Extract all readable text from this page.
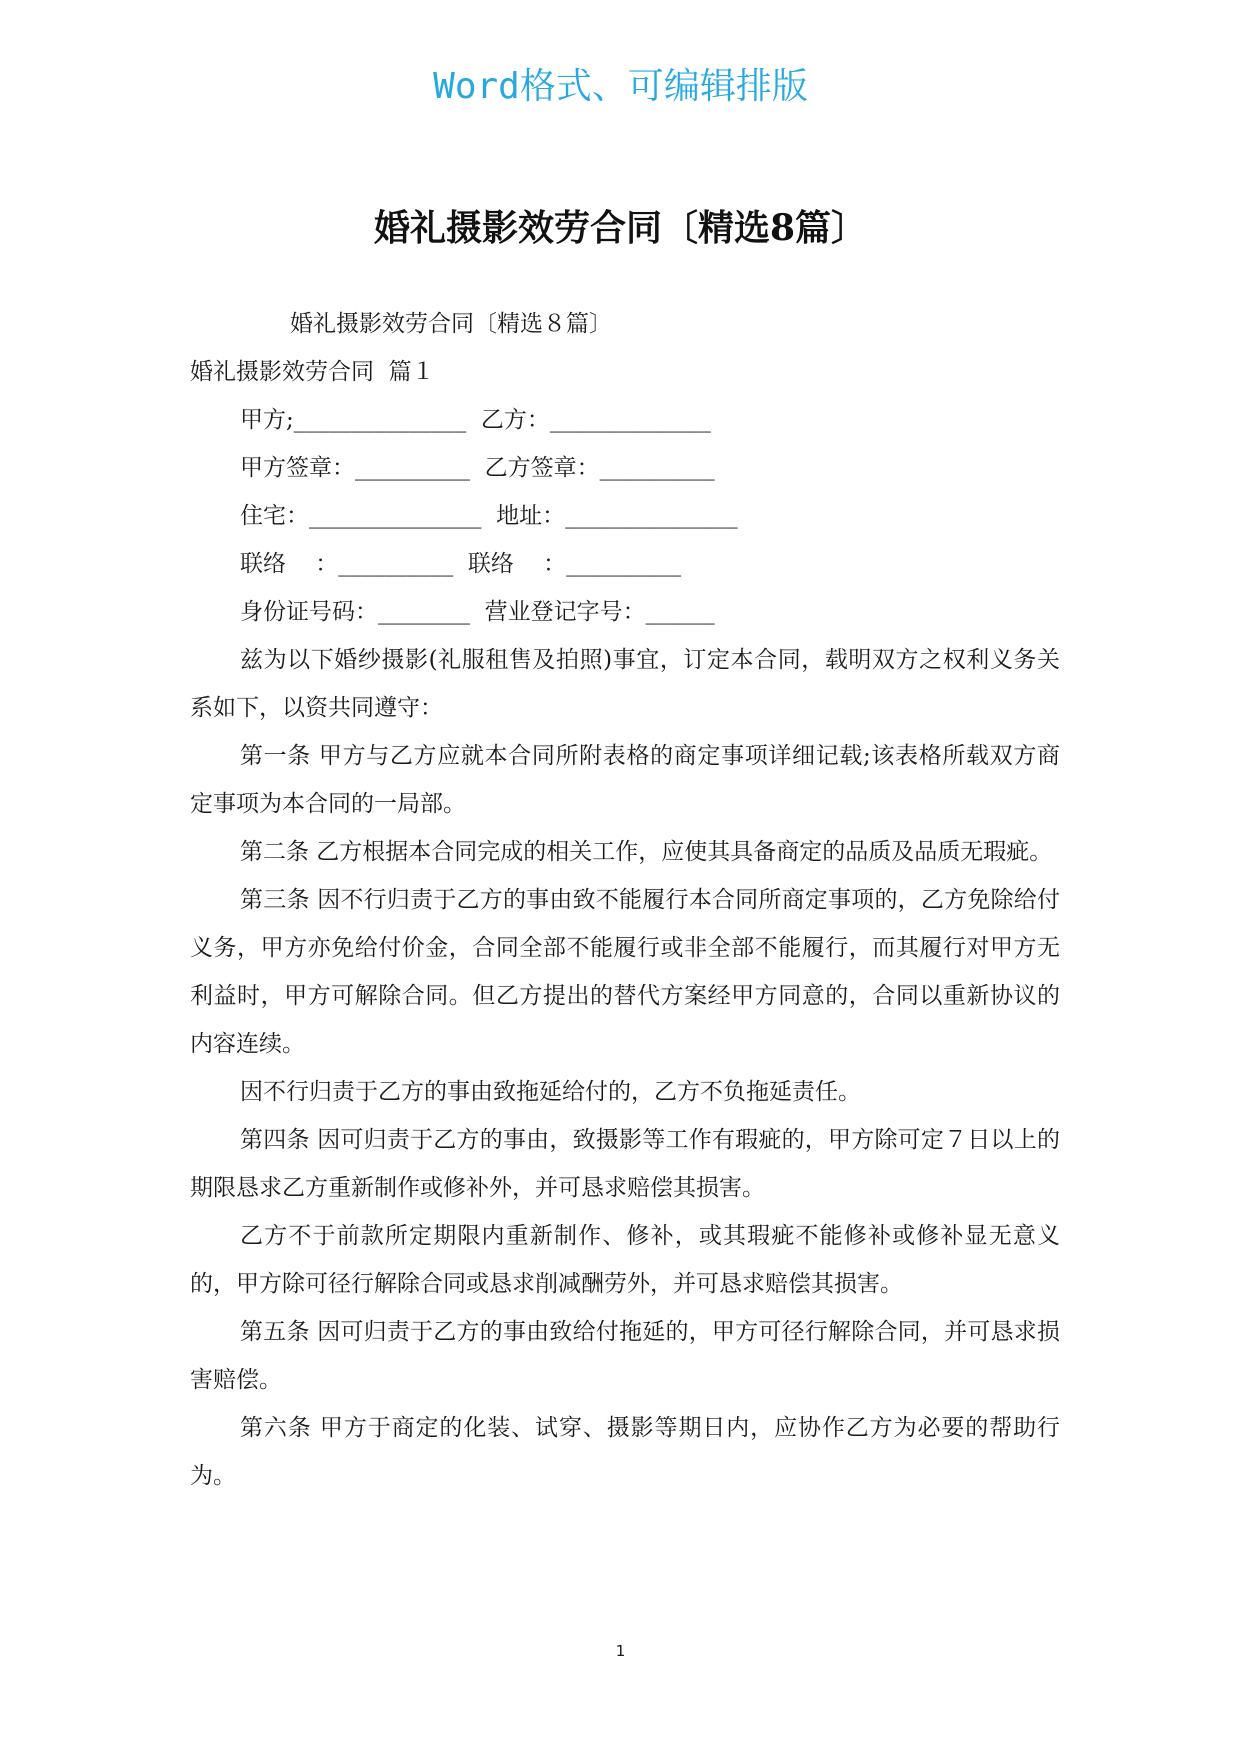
Word格式、可编辑排版
婚礼摄影效劳合同〔精选8篇〕

婚礼摄影效劳合同〔精选８篇〕

婚礼摄影效劳合同  篇１

甲方;_______________  乙方：______________

甲方签章：__________  乙方签章：__________

住宅：_______________  地址：_______________

联络    ：__________  联络    ：__________

身份证号码：________  营业登记字号：______

兹为以下婚纱摄影(礼服租售及拍照)事宜，订定本合同，载明双方之权利义务关系如下，以资共同遵守：

第一条 甲方与乙方应就本合同所附表格的商定事项详细记载;该表格所载双方商定事项为本合同的一局部。

第二条 乙方根据本合同完成的相关工作，应使其具备商定的品质及品质无瑕疵。

第三条 因不行归责于乙方的事由致不能履行本合同所商定事项的，乙方免除给付义务，甲方亦免给付价金，合同全部不能履行或非全部不能履行，而其履行对甲方无利益时，甲方可解除合同。但乙方提出的替代方案经甲方同意的，合同以重新协议的内容连续。

因不行归责于乙方的事由致拖延给付的，乙方不负拖延责任。

第四条 因可归责于乙方的事由，致摄影等工作有瑕疵的，甲方除可定７日以上的期限恳求乙方重新制作或修补外，并可恳求赔偿其损害。

乙方不于前款所定期限内重新制作、修补，或其瑕疵不能修补或修补显无意义的，甲方除可径行解除合同或恳求削减酬劳外，并可恳求赔偿其损害。

第五条 因可归责于乙方的事由致给付拖延的，甲方可径行解除合同，并可恳求损害赔偿。

第六条 甲方于商定的化装、试穿、摄影等期日内，应协作乙方为必要的帮助行为。

1
